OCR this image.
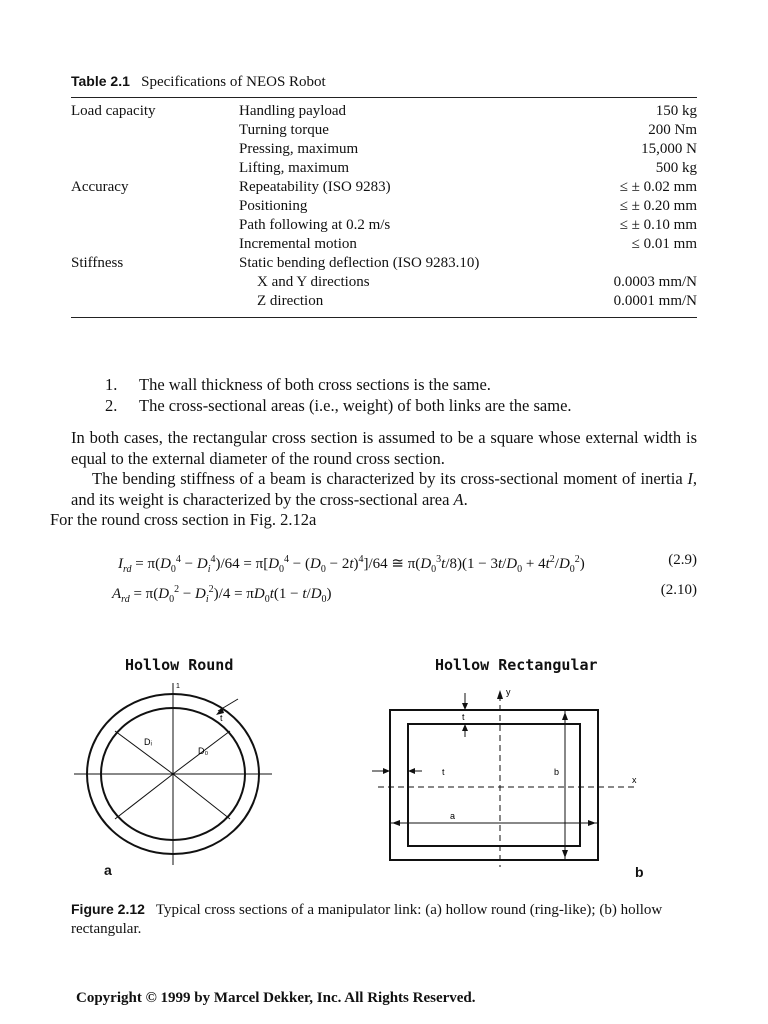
Table 2.1 Specifications of NEOS Robot
Load capacity	Handling payload	150 kg
	Turning torque	200 Nm
	Pressing, maximum	15,000 N
	Lifting, maximum	500 kg
Accuracy	Repeatability (ISO 9283)	≤ ± 0.02 mm
	Positioning	≤ ± 0.20 mm
	Path following at 0.2 m/s	≤ ± 0.10 mm
	Incremental motion	≤ 0.01 mm
Stiffness	Static bending deflection (ISO 9283.10)	
	X and Y directions	0.0003 mm/N
	Z direction	0.0001 mm/N
1. The wall thickness of both cross sections is the same.
2. The cross-sectional areas (i.e., weight) of both links are the same.
In both cases, the rectangular cross section is assumed to be a square whose external width is equal to the external diameter of the round cross section.
The bending stiffness of a beam is characterized by its cross-sectional moment of inertia I, and its weight is characterized by the cross-sectional area A.
For the round cross section in Fig. 2.12a
$I_{rd} = \pi(D_0^4 - D_i^4)/64 = \pi[D_0^4 - (D_0 - 2t)^4]/64$ ≅ $\pi(D_0^3t/8)(1 - 3t/D_0 + 4t^2/D_0^2)$	(2.9)
$A_{rd} = \pi(D_0^2 - D_i^2)/4 = \pi D_0t(1 - t/D_0)$	(2.10)
Hollow Round	Hollow Rectangular
Dᵢ
D₀
t
1
y
x
t
t	b
a
a	b
Figure 2.12 Typical cross sections of a manipulator link: (a) hollow round (ring-like); (b) hollow rectangular.
Copyright © 1999 by Marcel Dekker, Inc. All Rights Reserved.
